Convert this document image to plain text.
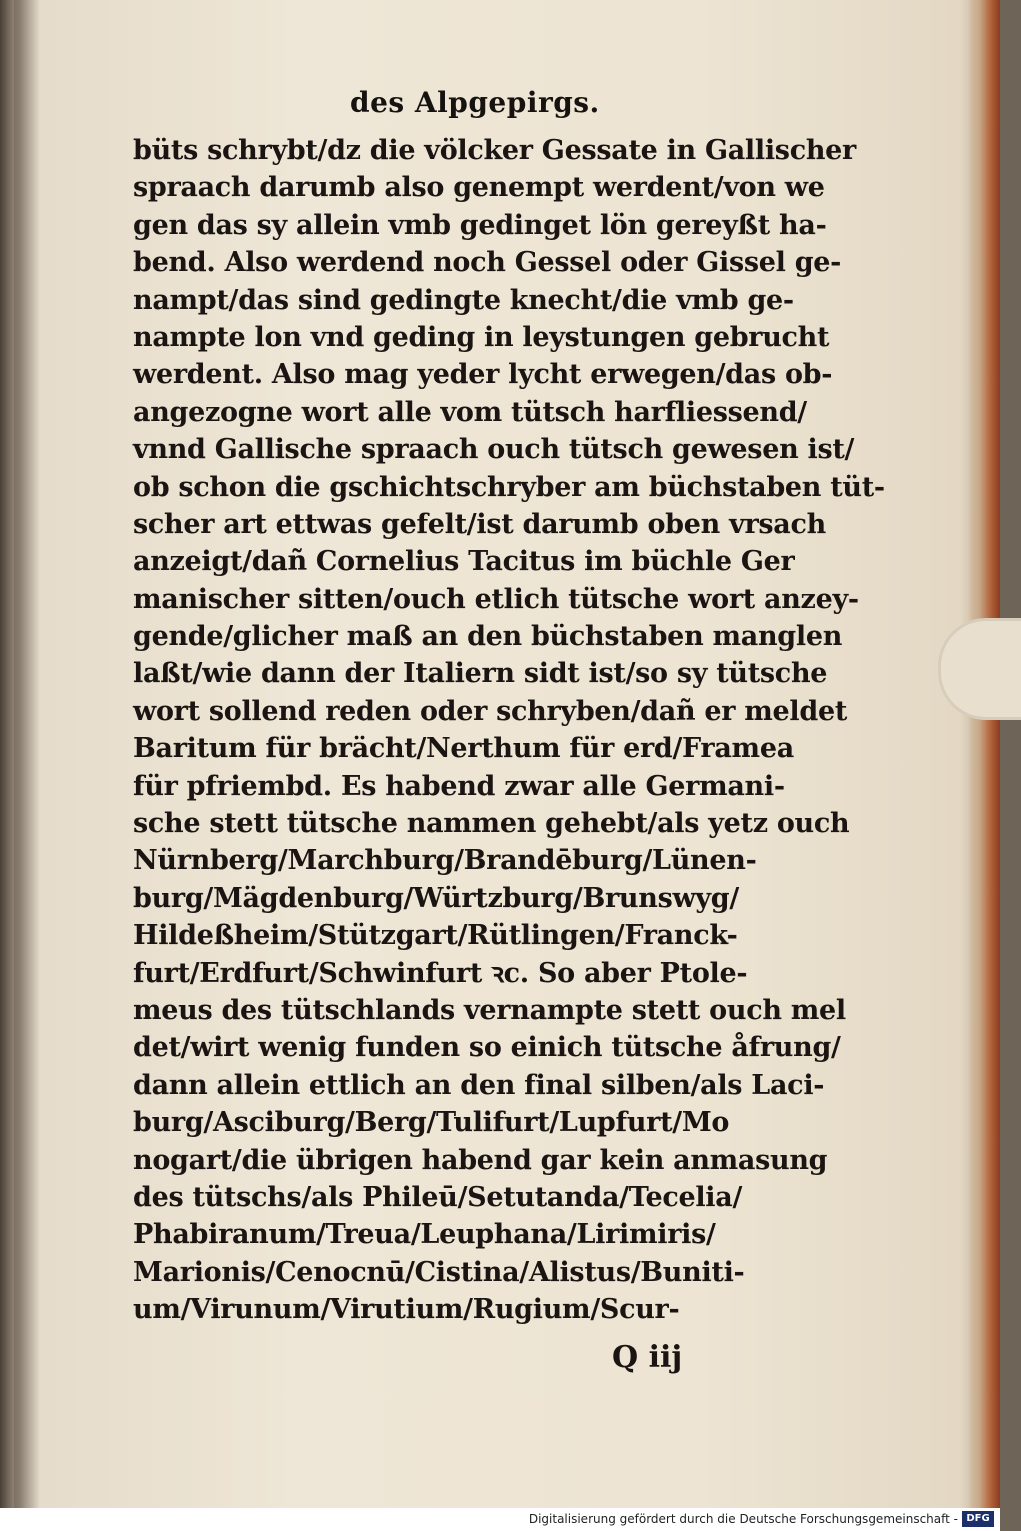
des Alpgepirgs.
büts schrybt/dz die völcker Gessate in Gallischer
spraach darumb also genempt werdent/von we
gen das sy allein vmb gedinget lön gereyßt ha-
bend. Also werdend noch Gessel oder Gissel ge-
nampt/das sind gedingte knecht/die vmb ge-
nampte lon vnd geding in leystungen gebrucht
werdent. Also mag yeder lycht erwegen/das ob-
angezogne wort alle vom tütsch harfliessend/
vnnd Gallische spraach ouch tütsch gewesen ist/
ob schon die gschichtschryber am büchstaben tüt-
scher art ettwas gefelt/ist darumb oben vrsach
anzeigt/dañ Cornelius Tacitus im büchle Ger
manischer sitten/ouch etlich tütsche wort anzey-
gende/glicher maß an den büchstaben manglen
laßt/wie dann der Italiern sidt ist/so sy tütsche
wort sollend reden oder schryben/dañ er meldet
Baritum für brächt/Nerthum für erd/Framea
für pfriembd. Es habend zwar alle Germani-
sche stett tütsche nammen gehebt/als yetz ouch
Nürnberg/Marchburg/Brandēburg/Lünen-
burg/Mägdenburg/Würtzburg/Brunswyg/
Hildeßheim/Stützgart/Rütlingen/Franck-
furt/Erdfurt/Schwinfurt ꝛc. So aber Ptole-
meus des tütschlands vernampte stett ouch mel
det/wirt wenig funden so einich tütsche åfrung/
dann allein ettlich an den final silben/als Laci-
burg/Asciburg/Berg/Tulifurt/Lupfurt/Mo
nogart/die übrigen habend gar kein anmasung
des tütschs/als Phileū/Setutanda/Tecelia/
Phabiranum/Treua/Leuphana/Lirimiris/
Marionis/Cenocnū/Cistina/Alistus/Buniti-
um/Virunum/Virutium/Rugium/Scur-
Q iij
Digitalisierung gefördert durch die Deutsche Forschungsgemeinschaft - DFG
